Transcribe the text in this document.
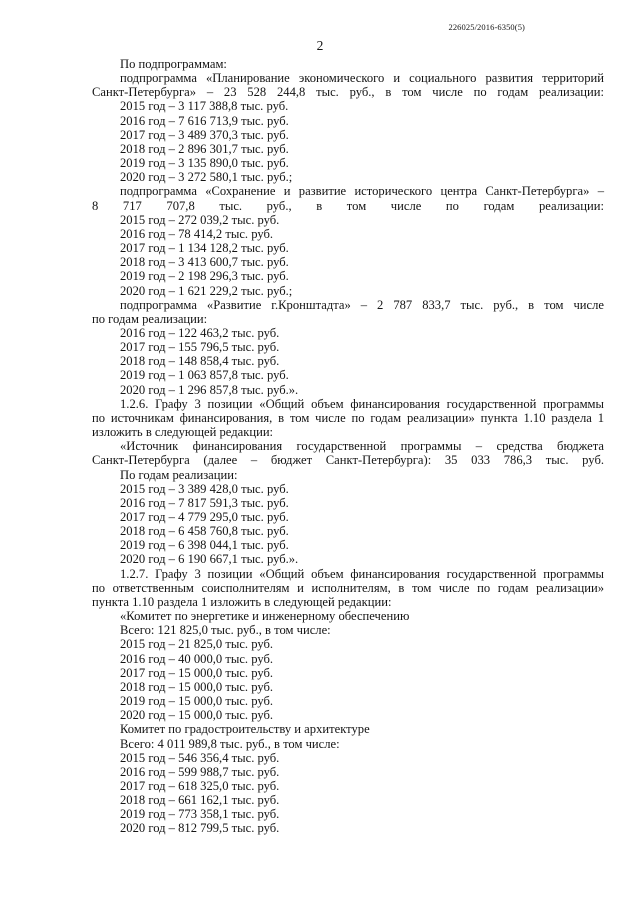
226025/2016-6350(5)
2

По подпрограммам:

подпрограмма «Планирование экономического и социального развития территорий

Санкт-Петербурга» – 23 528 244,8 тыс. руб., в том числе по годам реализации:

2015 год – 3 117 388,8 тыс. руб.

2016 год – 7 616 713,9 тыс. руб.

2017 год – 3 489 370,3 тыс. руб.

2018 год – 2 896 301,7 тыс. руб.

2019 год – 3 135 890,0 тыс. руб.

2020 год – 3 272 580,1 тыс. руб.;

подпрограмма «Сохранение и развитие исторического центра Санкт-Петербурга» –

8 717 707,8 тыс. руб., в том числе по годам реализации:

2015 год – 272 039,2 тыс. руб.

2016 год – 78 414,2 тыс. руб.

2017 год – 1 134 128,2 тыс. руб.

2018 год – 3 413 600,7 тыс. руб.

2019 год – 2 198 296,3 тыс. руб.

2020 год – 1 621 229,2 тыс. руб.;

подпрограмма «Развитие г.Кронштадта» – 2 787 833,7 тыс. руб., в том числе

по годам реализации:

2016 год – 122 463,2 тыс. руб.

2017 год – 155 796,5 тыс. руб.

2018 год – 148 858,4 тыс. руб.

2019 год – 1 063 857,8 тыс. руб.

2020 год – 1 296 857,8 тыс. руб.».

1.2.6. Графу 3 позиции «Общий объем финансирования государственной программы

по источникам финансирования, в том числе по годам реализации» пункта 1.10 раздела 1

изложить в следующей редакции:

«Источник финансирования государственной программы – средства бюджета

Санкт-Петербурга (далее – бюджет Санкт-Петербурга): 35 033 786,3 тыс. руб.

По годам реализации:

2015 год – 3 389 428,0 тыс. руб.

2016 год – 7 817 591,3 тыс. руб.

2017 год – 4 779 295,0 тыс. руб.

2018 год – 6 458 760,8 тыс. руб.

2019 год – 6 398 044,1 тыс. руб.

2020 год – 6 190 667,1 тыс. руб.».

1.2.7. Графу 3 позиции «Общий объем финансирования государственной программы

по ответственным соисполнителям и исполнителям, в том числе по годам реализации»

пункта 1.10 раздела 1 изложить в следующей редакции:

«Комитет по энергетике и инженерному обеспечению

Всего: 121 825,0 тыс. руб., в том числе:

2015 год – 21 825,0 тыс. руб.

2016 год – 40 000,0 тыс. руб.

2017 год – 15 000,0 тыс. руб.

2018 год – 15 000,0 тыс. руб.

2019 год – 15 000,0 тыс. руб.

2020 год – 15 000,0 тыс. руб.

Комитет по градостроительству и архитектуре

Всего: 4 011 989,8 тыс. руб., в том числе:

2015 год – 546 356,4 тыс. руб.

2016 год – 599 988,7 тыс. руб.

2017 год – 618 325,0 тыс. руб.

2018 год – 661 162,1 тыс. руб.

2019 год – 773 358,1 тыс. руб.

2020 год – 812 799,5 тыс. руб.
